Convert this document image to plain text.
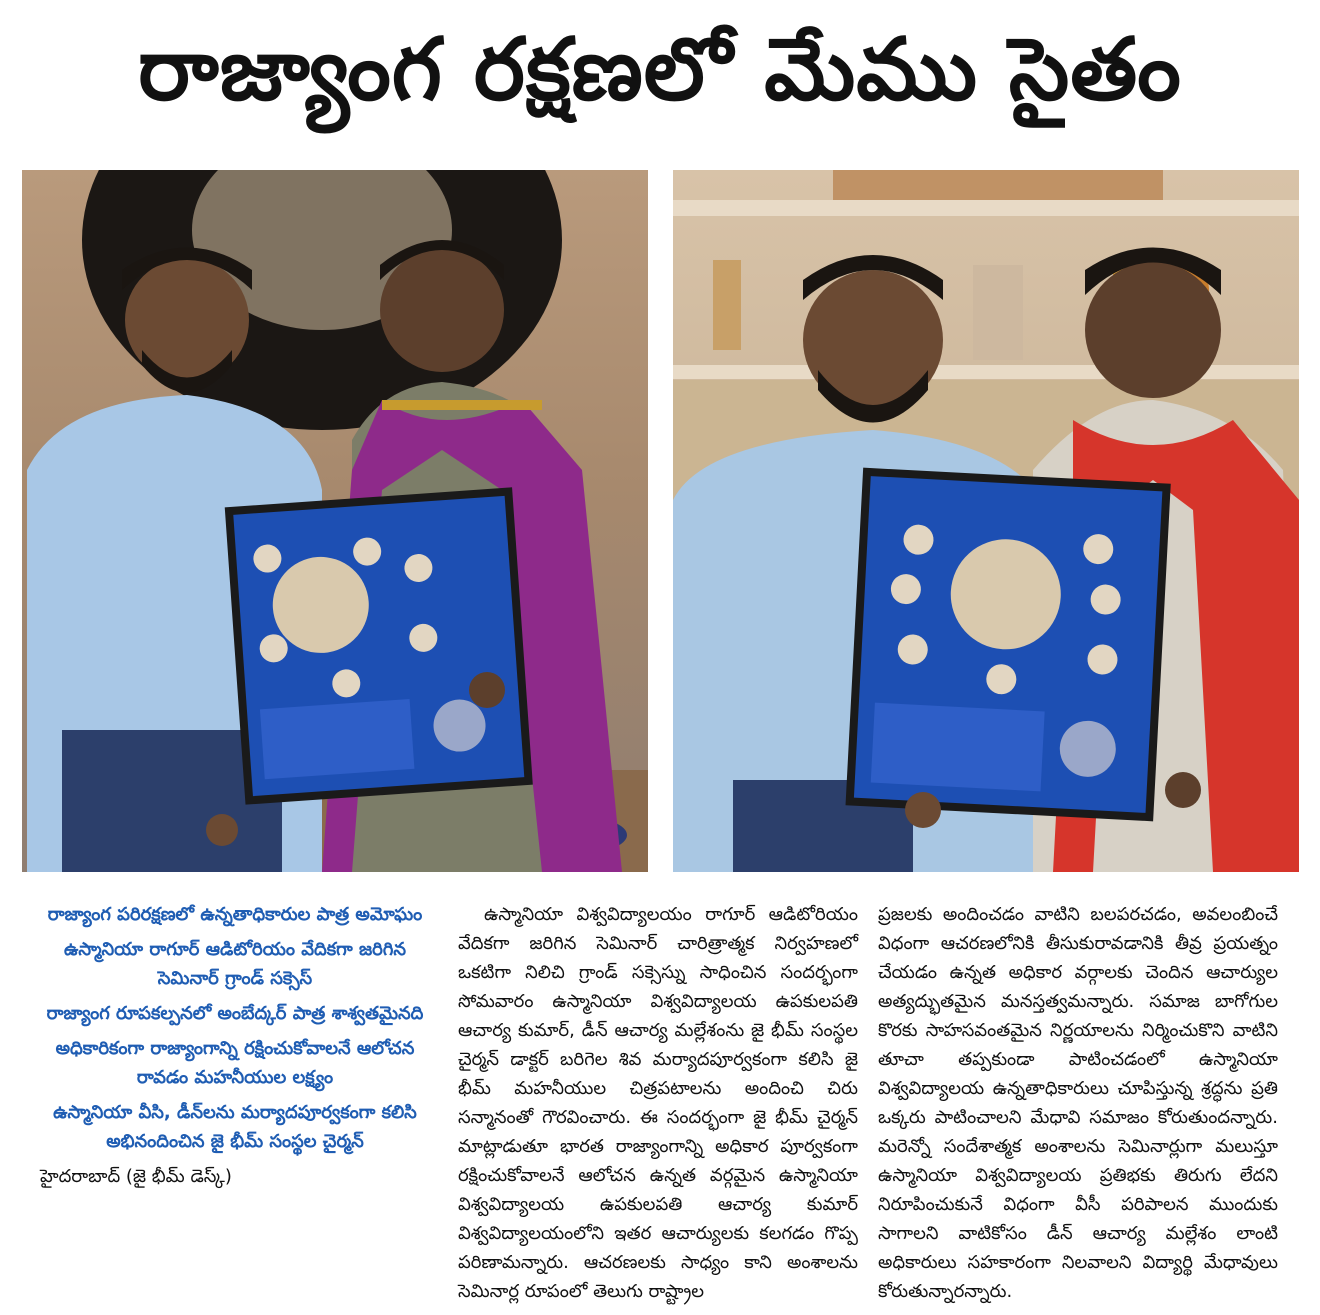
రాజ్యాంగ రక్షణలో మేము సైతం

రాజ్యాంగ పరిరక్షణలో ఉన్నతాధికారుల పాత్ర అమోఘం

ఉస్మానియా రాగూర్ ఆడిటోరియం వేదికగా జరిగిన సెమినార్ గ్రాండ్ సక్సెస్

రాజ్యాంగ రూపకల్పనలో అంబేద్కర్ పాత్ర శాశ్వతమైనది

అధికారికంగా రాజ్యాంగాన్ని రక్షించుకోవాలనే ఆలోచన రావడం మహనీయుల లక్ష్యం

ఉస్మానియా వీసి, డీన్‌లను మర్యాదపూర్వకంగా కలిసి అభినందించిన జై భీమ్ సంస్థల చైర్మన్

హైదరాబాద్ (జై భీమ్ డెస్క్)

ఉస్మానియా విశ్వవిద్యాలయం రాగూర్ ఆడిటోరియం వేదికగా జరిగిన సెమినార్ చారిత్రాత్మక నిర్వహణలో ఒకటిగా నిలిచి గ్రాండ్ సక్సెస్ను సాధించిన సందర్భంగా సోమవారం ఉస్మానియా విశ్వవిద్యాలయ ఉపకులపతి ఆచార్య కుమార్, డీన్ ఆచార్య మల్లేశంను జై భీమ్ సంస్థల చైర్మన్ డాక్టర్ బరిగెల శివ మర్యాదపూర్వకంగా కలిసి జై భీమ్ మహనీయుల చిత్రపటాలను అందించి చిరు సన్మానంతో గౌరవించారు. ఈ సందర్భంగా జై భీమ్ చైర్మన్ మాట్లాడుతూ భారత రాజ్యాంగాన్ని అధికార పూర్వకంగా రక్షించుకోవాలనే ఆలోచన ఉన్నత వర్గమైన ఉస్మానియా విశ్వవిద్యాలయ ఉపకులపతి ఆచార్య కుమార్ విశ్వవిద్యాలయంలోని ఇతర ఆచార్యులకు కలగడం గొప్ప పరిణామన్నారు. ఆచరణలకు సాధ్యం కాని అంశాలను సెమినార్ల రూపంలో తెలుగు రాష్ట్రాల

ప్రజలకు అందించడం వాటిని బలపరచడం, అవలంబించే విధంగా ఆచరణలోనికి తీసుకురావడానికి తీవ్ర ప్రయత్నం చేయడం ఉన్నత అధికార వర్గాలకు చెందిన ఆచార్యుల అత్యద్భుతమైన మనస్తత్వమన్నారు. సమాజ బాగోగుల కొరకు సాహసవంతమైన నిర్ణయాలను నిర్మించుకొని వాటిని తూచా తప్పకుండా పాటించడంలో ఉస్మానియా విశ్వవిద్యాలయ ఉన్నతాధికారులు చూపిస్తున్న శ్రద్ధను ప్రతి ఒక్కరు పాటించాలని మేధావి సమాజం కోరుతుందన్నారు. మరెన్నో సందేశాత్మక అంశాలను సెమినార్లుగా మలుస్తూ ఉస్మానియా విశ్వవిద్యాలయ ప్రతిభకు తిరుగు లేదని నిరూపించుకునే విధంగా వీసీ పరిపాలన ముందుకు సాగాలని వాటికోసం డీన్ ఆచార్య మల్లేశం లాంటి అధికారులు సహకారంగా నిలవాలని విద్యార్థి మేధావులు కోరుతున్నారన్నారు.
